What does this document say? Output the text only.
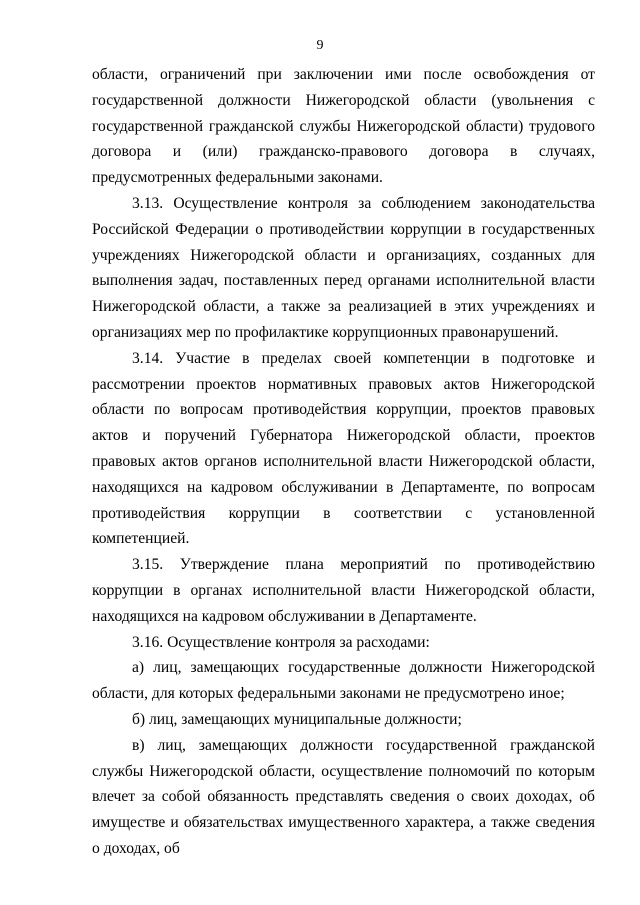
9

области, ограничений при заключении ими после освобождения от государственной должности Нижегородской области (увольнения с государственной гражданской службы Нижегородской области) трудового договора и (или) гражданско-правового договора в случаях, предусмотренных федеральными законами.

3.13. Осуществление контроля за соблюдением законодательства Российской Федерации о противодействии коррупции в государственных учреждениях Нижегородской области и организациях, созданных для выполнения задач, поставленных перед органами исполнительной власти Нижегородской области, а также за реализацией в этих учреждениях и организациях мер по профилактике коррупционных правонарушений.

3.14. Участие в пределах своей компетенции в подготовке и рассмотрении проектов нормативных правовых актов Нижегородской области по вопросам противодействия коррупции, проектов правовых актов и поручений Губернатора Нижегородской области, проектов правовых актов органов исполнительной власти Нижегородской области, находящихся на кадровом обслуживании в Департаменте, по вопросам противодействия коррупции в соответствии с установленной компетенцией.

3.15. Утверждение плана мероприятий по противодействию коррупции в органах исполнительной власти Нижегородской области, находящихся на кадровом обслуживании в Департаменте.

3.16. Осуществление контроля за расходами:

а) лиц, замещающих государственные должности Нижегородской области, для которых федеральными законами не предусмотрено иное;

б) лиц, замещающих муниципальные должности;

в) лиц, замещающих должности государственной гражданской службы Нижегородской области, осуществление полномочий по которым влечет за собой обязанность представлять сведения о своих доходах, об имуществе и обязательствах имущественного характера, а также сведения о доходах, об
